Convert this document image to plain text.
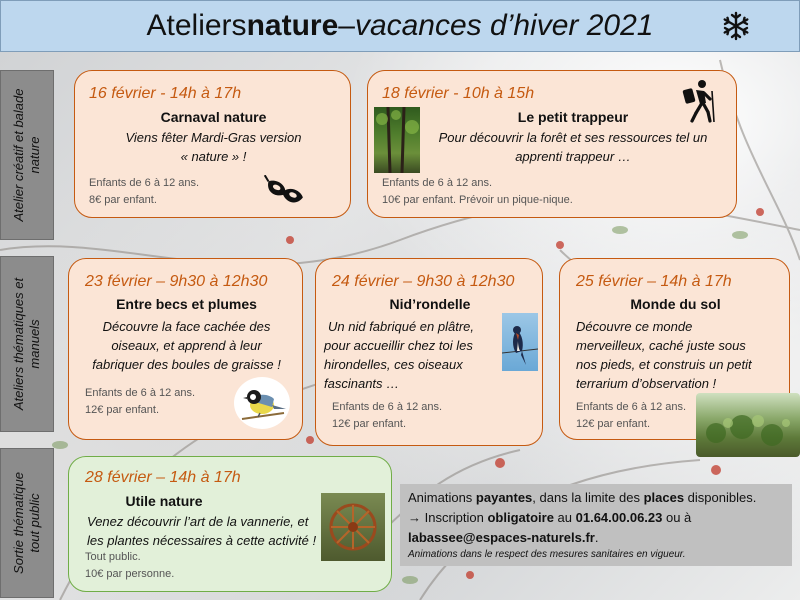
Ateliers nature – vacances d’hiver 2021
Atelier créatif et balade nature
Ateliers thématiques et manuels
Sortie thématique tout public
16 février - 14h à 17h
Carnaval nature
Viens fêter Mardi-Gras version
« nature » !
Enfants de 6 à 12 ans.
8€ par enfant.
18 février - 10h à 15h
Le petit trappeur
Pour découvrir la forêt et ses ressources tel un
apprenti trappeur …
Enfants de 6 à 12 ans.
10€ par enfant. Prévoir un pique-nique.
23 février – 9h30 à 12h30
Entre becs et plumes
Découvre la face cachée des
oiseaux, et apprend à leur
fabriquer des boules de graisse !
Enfants de 6 à 12 ans.
12€ par enfant.
24 février – 9h30 à 12h30
Nid’rondelle
Un nid fabriqué en plâtre,
pour accueillir chez toi les
hirondelles, ces oiseaux
fascinants …
Enfants de 6 à 12 ans.
12€ par enfant.
25 février – 14h à 17h
Monde du sol
Découvre ce monde
merveilleux, caché juste sous
nos pieds, et construis un petit
terrarium d’observation !
Enfants de 6 à 12 ans.
12€ par enfant.
28 février – 14h à 17h
Utile nature
Venez découvrir l’art de la vannerie, et
les plantes nécessaires à cette activité !
Tout public.
10€ par personne.

Animations payantes, dans la limite des places disponibles.

→ Inscription obligatoire au 01.64.00.06.23 ou à

labassee@espaces-naturels.fr.

Animations dans le respect des mesures sanitaires en vigueur.
